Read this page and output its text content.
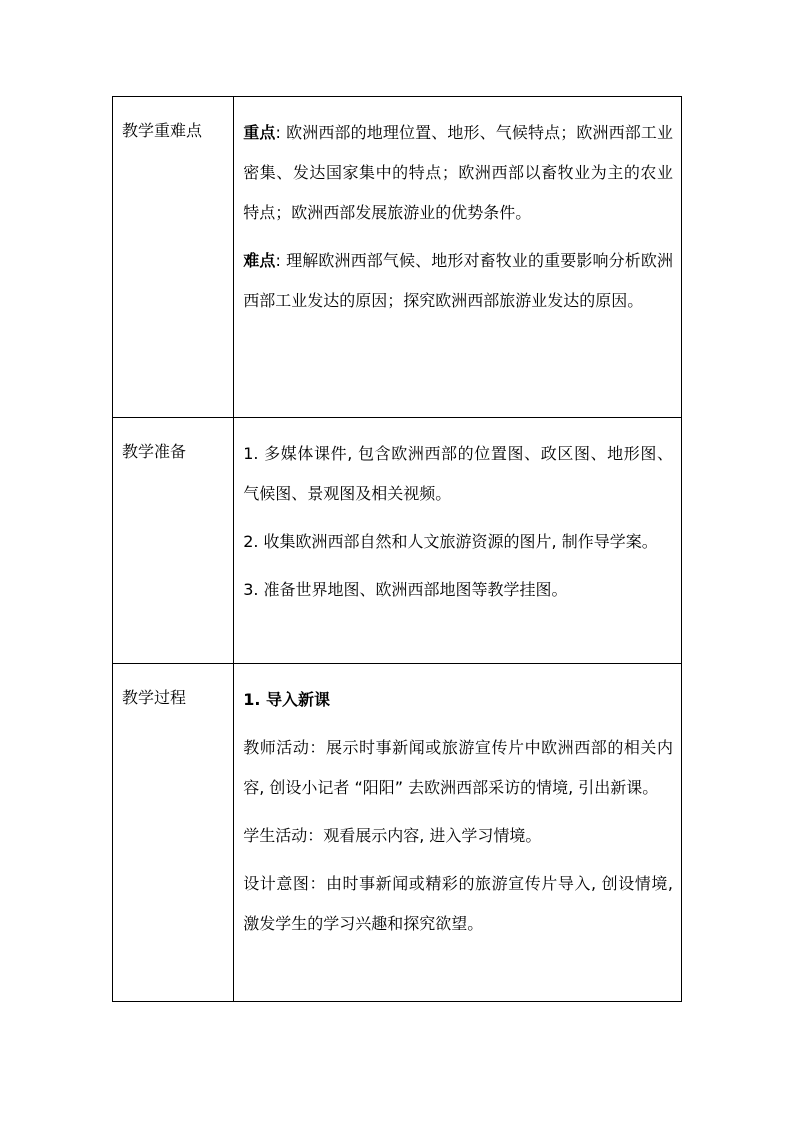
教学重难点	重点: 欧洲西部的地理位置、地形、气候特点；欧洲西部工业密集、发达国家集中的特点；欧洲西部以畜牧业为主的农业特点；欧洲西部发展旅游业的优势条件。

难点: 理解欧洲西部气候、地形对畜牧业的重要影响分析欧洲西部工业发达的原因；探究欧洲西部旅游业发达的原因。

教学准备	1. 多媒体课件, 包含欧洲西部的位置图、政区图、地形图、气候图、景观图及相关视频。

2. 收集欧洲西部自然和人文旅游资源的图片, 制作导学案。

3. 准备世界地图、欧洲西部地图等教学挂图。

教学过程	1. 导入新课

教师活动：展示时事新闻或旅游宣传片中欧洲西部的相关内容, 创设小记者 “阳阳” 去欧洲西部采访的情境, 引出新课。

学生活动：观看展示内容, 进入学习情境。

设计意图：由时事新闻或精彩的旅游宣传片导入, 创设情境, 激发学生的学习兴趣和探究欲望。
